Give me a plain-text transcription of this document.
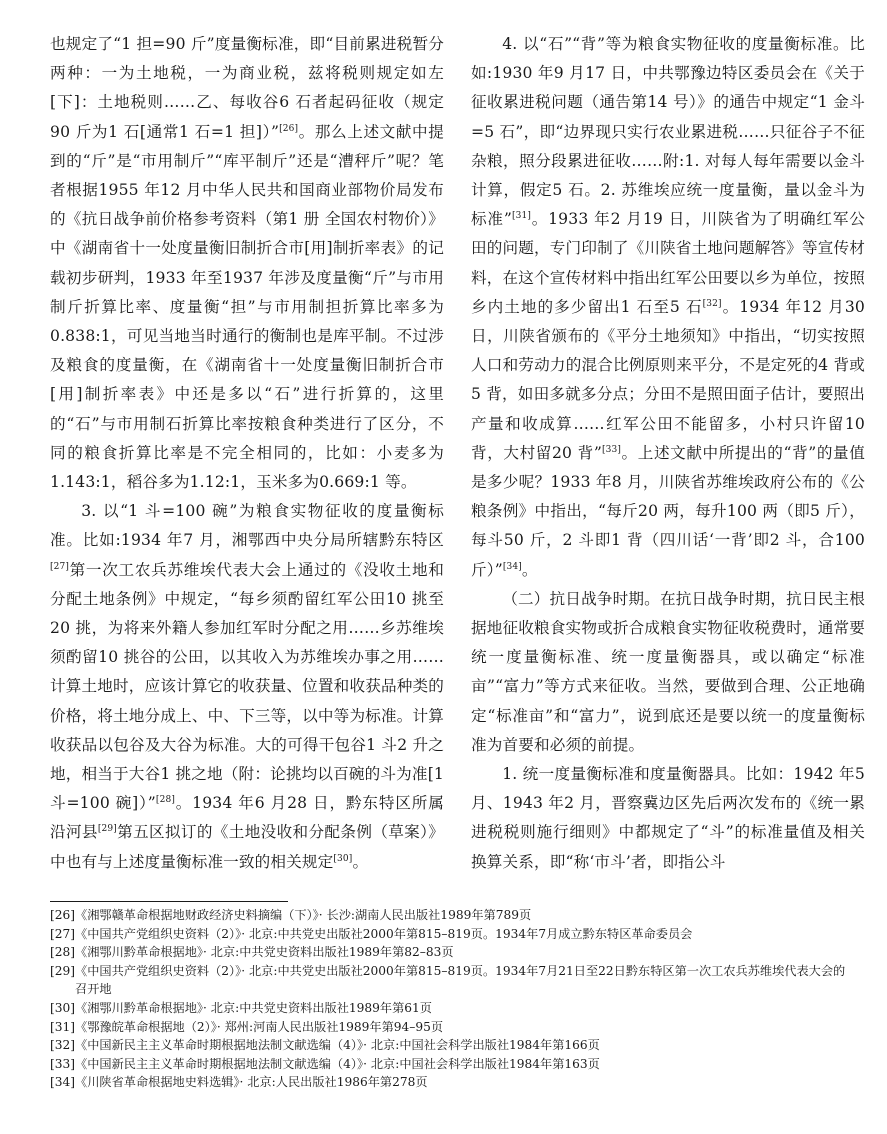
也规定了“1 担=90 斤”度量衡标准，即“目前累进税暂分两种：一为土地税，一为商业税，兹将税则规定如左[下]：土地税则……乙、每收谷6 石者起码征收（规定90 斤为1 石[通常1 石=1 担]）”[26]。那么上述文献中提到的“斤”是“市用制斤”“库平制斤”还是“漕秤斤”呢？笔者根据1955 年12 月中华人民共和国商业部物价局发布的《抗日战争前价格参考资料（第1 册 全国农村物价）》中《湖南省十一处度量衡旧制折合市[用]制折率表》的记载初步研判，1933 年至1937 年涉及度量衡“斤”与市用制斤折算比率、度量衡“担”与市用制担折算比率多为0.838:1，可见当地当时通行的衡制也是库平制。不过涉及粮食的度量衡，在《湖南省十一处度量衡旧制折合市[用]制折率表》中还是多以“石”进行折算的，这里的“石”与市用制石折算比率按粮食种类进行了区分，不同的粮食折算比率是不完全相同的，比如：小麦多为1.143:1，稻谷多为1.12:1，玉米多为0.669:1 等。

3. 以“1 斗=100 碗”为粮食实物征收的度量衡标准。比如:1934 年7 月，湘鄂西中央分局所辖黔东特区[27]第一次工农兵苏维埃代表大会上通过的《没收土地和分配土地条例》中规定，“每乡须酌留红军公田10 挑至20 挑，为将来外籍人参加红军时分配之用……乡苏维埃须酌留10 挑谷的公田，以其收入为苏维埃办事之用……计算土地时，应该计算它的收获量、位置和收获品种类的价格，将土地分成上、中、下三等，以中等为标准。计算收获品以包谷及大谷为标准。大的可得干包谷1 斗2 升之地，相当于大谷1 挑之地（附：论挑均以百碗的斗为准[1 斗=100 碗]）”[28]。1934 年6 月28 日，黔东特区所属沿河县[29]第五区拟订的《土地没收和分配条例（草案）》中也有与上述度量衡标准一致的相关规定[30]。

4. 以“石”“背”等为粮食实物征收的度量衡标准。比如:1930 年9 月17 日，中共鄂豫边特区委员会在《关于征收累进税问题（通告第14 号）》的通告中规定“1 金斗=5 石”，即“边界现只实行农业累进税……只征谷子不征杂粮，照分段累进征收……附:1. 对每人每年需要以金斗计算，假定5 石。2. 苏维埃应统一度量衡，量以金斗为标准”[31]。1933 年2 月19 日，川陕省为了明确红军公田的问题，专门印制了《川陕省土地问题解答》等宣传材料，在这个宣传材料中指出红军公田要以乡为单位，按照乡内土地的多少留出1 石至5 石[32]。1934 年12 月30 日，川陕省颁布的《平分土地须知》中指出，“切实按照人口和劳动力的混合比例原则来平分，不是定死的4 背或5 背，如田多就多分点；分田不是照田面子估计，要照出产量和收成算……红军公田不能留多，小村只许留10 背，大村留20 背”[33]。上述文献中所提出的“背”的量值是多少呢？1933 年8 月，川陕省苏维埃政府公布的《公粮条例》中指出，“每斤20 两，每升100 两（即5 斤），每斗50 斤，2 斗即1 背（四川话‘一背’即2 斗，合100 斤）”[34]。

（二）抗日战争时期。在抗日战争时期，抗日民主根据地征收粮食实物或折合成粮食实物征收税费时，通常要统一度量衡标准、统一度量衡器具，或以确定“标准亩”“富力”等方式来征收。当然，要做到合理、公正地确定“标准亩”和“富力”，说到底还是要以统一的度量衡标准为首要和必须的前提。

1. 统一度量衡标准和度量衡器具。比如：1942 年5 月、1943 年2 月，晋察冀边区先后两次发布的《统一累进税税则施行细则》中都规定了“斗”的标准量值及相关换算关系，即“称‘市斗’者，即指公斗

[26] 《湘鄂赣革命根据地财政经济史料摘编（下）》· 长沙:湖南人民出版社1989年第789页
[27] 《中国共产党组织史资料（2）》· 北京:中共党史出版社2000年第815–819页。1934年7月成立黔东特区革命委员会
[28] 《湘鄂川黔革命根据地》· 北京:中共党史资料出版社1989年第82–83页
[29] 《中国共产党组织史资料（2）》· 北京:中共党史出版社2000年第815–819页。1934年7月21日至22日黔东特区第一次工农兵苏维埃代表大会的召开地
[30] 《湘鄂川黔革命根据地》· 北京:中共党史资料出版社1989年第61页
[31] 《鄂豫皖革命根据地（2）》· 郑州:河南人民出版社1989年第94–95页
[32] 《中国新民主主义革命时期根据地法制文献选编（4）》· 北京:中国社会科学出版社1984年第166页
[33] 《中国新民主主义革命时期根据地法制文献选编（4）》· 北京:中国社会科学出版社1984年第163页
[34] 《川陕省革命根据地史料选辑》· 北京:人民出版社1986年第278页
